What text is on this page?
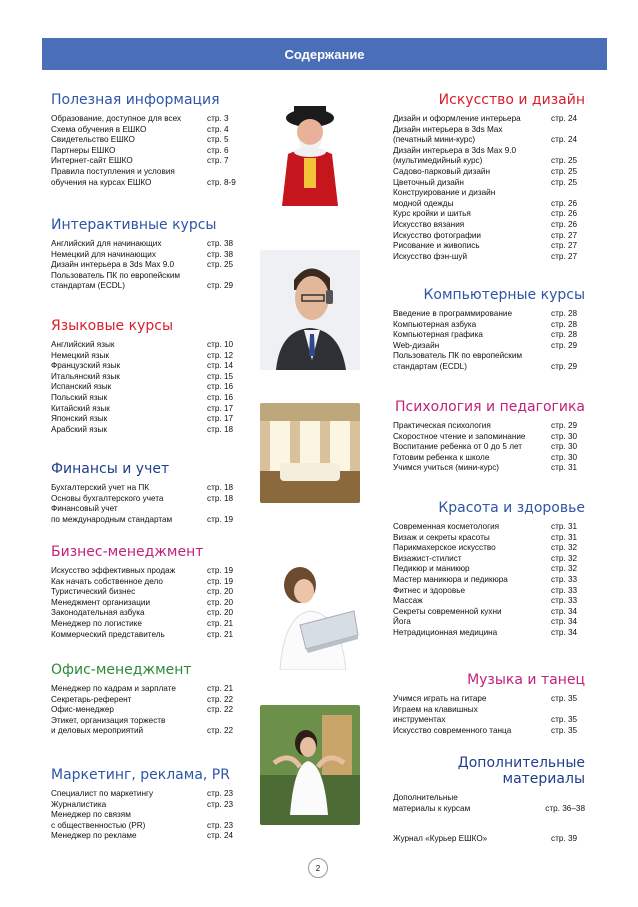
Содержание
Полезная информация
Образование, доступное для всех	стр. 3
Схема обучения в ЕШКО	стр. 4
Свидетельство ЕШКО	стр. 5
Партнеры ЕШКО	стр. 6
Интернет-сайт ЕШКО	стр. 7
Правила поступления и условия
обучения на курсах ЕШКО	стр. 8-9
Интерактивные курсы
Английский для начинающих	стр. 38
Немецкий для начинающих	стр. 38
Дизайн интерьера в 3ds Max 9.0	стр. 25
Пользователь ПК по европейским
стандартам (ECDL)	стр. 29
Языковые курсы
Английский язык	стр. 10
Немецкий язык	стр. 12
Французский язык	стр. 14
Итальянский язык	стр. 15
Испанский язык	стр. 16
Польский язык	стр. 16
Китайский язык	стр. 17
Японский язык	стр. 17
Арабский язык	стр. 18
Финансы и учет
Бухгалтерский учет на ПК	стр. 18
Основы бухгалтерского учета	стр. 18
Финансовый учет
по международным стандартам	стр. 19
Бизнес-менеджмент
Искусство эффективных продаж	стр. 19
Как начать собственное дело	стр. 19
Туристический бизнес	стр. 20
Менеджмент организации	стр. 20
Законодательная азбука	стр. 20
Менеджер по логистике	стр. 21
Коммерческий представитель	стр. 21
Офис-менеджмент
Менеджер по кадрам и зарплате	стр. 21
Секретарь-референт	стр. 22
Офис-менеджер	стр. 22
Этикет, организация торжеств
и деловых мероприятий	стр. 22
Маркетинг, реклама, PR
Специалист по маркетингу	стр. 23
Журналистика	стр. 23
Менеджер по связям
с общественностью (PR)	стр. 23
Менеджер по рекламе	стр. 24
Искусство и дизайн
Дизайн и оформление интерьера	стр. 24
Дизайн интерьера в 3ds Max
(печатный мини-курс)	стр. 24
Дизайн интерьера в 3ds Max 9.0
(мультимедийный курс)	стр. 25
Садово-парковый дизайн	стр. 25
Цветочный дизайн	стр. 25
Конструирование и дизайн
модной одежды	стр. 26
Курс кройки и шитья	стр. 26
Искусство вязания	стр. 26
Искусство фотографии	стр. 27
Рисование и живопись	стр. 27
Искусство фэн-шуй	стр. 27
Компьютерные курсы
Введение в программирование	стр. 28
Компьютерная азбука	стр. 28
Компьютерная графика	стр. 28
Web-дизайн	стр. 29
Пользователь ПК по европейским
стандартам (ECDL)	стр. 29
Психология и педагогика
Практическая психология	стр. 29
Скоростное чтение и запоминание	стр. 30
Воспитание ребенка от 0 до 5 лет	стр. 30
Готовим ребенка к школе	стр. 30
Учимся учиться (мини-курс)	стр. 31
Красота и здоровье
Современная косметология	стр. 31
Визаж и секреты красоты	стр. 31
Парикмахерское искусство	стр. 32
Визажист-стилист	стр. 32
Педикюр и маникюр	стр. 32
Мастер маникюра и педикюра	стр. 33
Фитнес и здоровье	стр. 33
Массаж	стр. 33
Секреты современной кухни	стр. 34
Йога	стр. 34
Нетрадиционная медицина	стр. 34
Музыка и танец
Учимся играть на гитаре	стр. 35
Играем на клавишных
инструментах	стр. 35
Искусство современного танца	стр. 35
Дополнительные материалы
Дополнительные
материалы к курсам	стр. 36–38
Журнал «Курьер ЕШКО»	стр. 39
2
